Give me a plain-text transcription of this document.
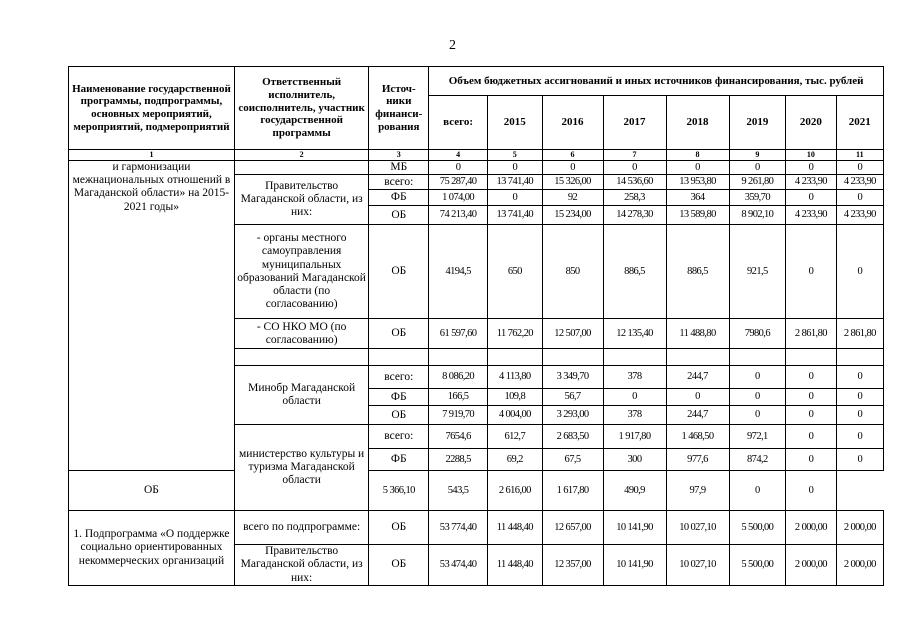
2
Наименование государственной программы, подпрограммы, основных мероприятий, мероприятий, подмероприятий	Ответственный исполнитель, соисполнитель, участник государственной программы	Источ-ники финанси-рования	Объем бюджетных ассигнований и иных источников финансирования, тыс. рублей							
			всего:	2015	2016	2017	2018	2019	2020	2021
1	2	3	4	5	6	7	8	9	10	11
и гармонизации межнациональных отношений в Магаданской области» на 2015-2021 годы»		МБ	0	0	0	0	0	0	0	0
	Правительство Магаданской области, из них:	всего:	75 287,40	13 741,40	15 326,00	14 536,60	13 953,80	9 261,80	4 233,90	4 233,90
		ФБ	1 074,00	0	92	258,3	364	359,70	0	0
		ОБ	74 213,40	13 741,40	15 234,00	14 278,30	13 589,80	8 902,10	4 233,90	4 233,90
	- органы местного самоуправления муниципальных образований Магаданской области (по согласованию)	ОБ	4194,5	650	850	886,5	886,5	921,5	0	0
	- СО НКО МО (по согласованию)	ОБ	61 597,60	11 762,20	12 507,00	12 135,40	11 488,80	7980,6	2 861,80	2 861,80

	Минобр Магаданской области	всего:	8 086,20	4 113,80	3 349,70	378	244,7	0	0	0
		ФБ	166,5	109,8	56,7	0	0	0	0	0
		ОБ	7 919,70	4 004,00	3 293,00	378	244,7	0	0	0
	министерство культуры и туризма Магаданской области	всего:	7654,6	612,7	2 683,50	1 917,80	1 468,50	972,1	0	0
		ФБ	2288,5	69,2	67,5	300	977,6	874,2	0	0
ОБ		5 366,10	543,5	2 616,00	1 617,80	490,9	97,9	0	0	
1. Подпрограмма «О поддержке социально ориентированных некоммерческих организаций	всего по подпрограмме:	ОБ	53 774,40	11 448,40	12 657,00	10 141,90	10 027,10	5 500,00	2 000,00	2 000,00
	Правительство Магаданской области, из них:	ОБ	53 474,40	11 448,40	12 357,00	10 141,90	10 027,10	5 500,00	2 000,00	2 000,00
